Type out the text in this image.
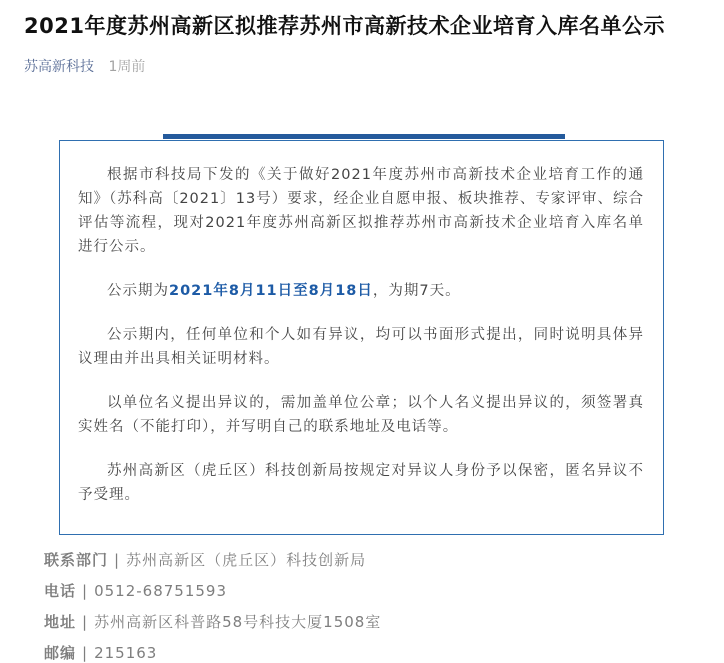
2021年度苏州高新区拟推荐苏州市高新技术企业培育入库名单公示
苏高新科技 1周前

根据市科技局下发的《关于做好2021年度苏州市高新技术企业培育工作的通知》（苏科高〔2021〕13号）要求，经企业自愿申报、板块推荐、专家评审、综合评估等流程，现对2021年度苏州高新区拟推荐苏州市高新技术企业培育入库名单进行公示。

公示期为2021年8月11日至8月18日，为期7天。

公示期内，任何单位和个人如有异议，均可以书面形式提出，同时说明具体异议理由并出具相关证明材料。

以单位名义提出异议的，需加盖单位公章；以个人名义提出异议的，须签署真实姓名（不能打印），并写明自己的联系地址及电话等。

苏州高新区（虎丘区）科技创新局按规定对异议人身份予以保密，匿名异议不予受理。

联系部门 | 苏州高新区（虎丘区）科技创新局
电话 | 0512-68751593
地址 | 苏州高新区科普路58号科技大厦1508室
邮编 | 215163
